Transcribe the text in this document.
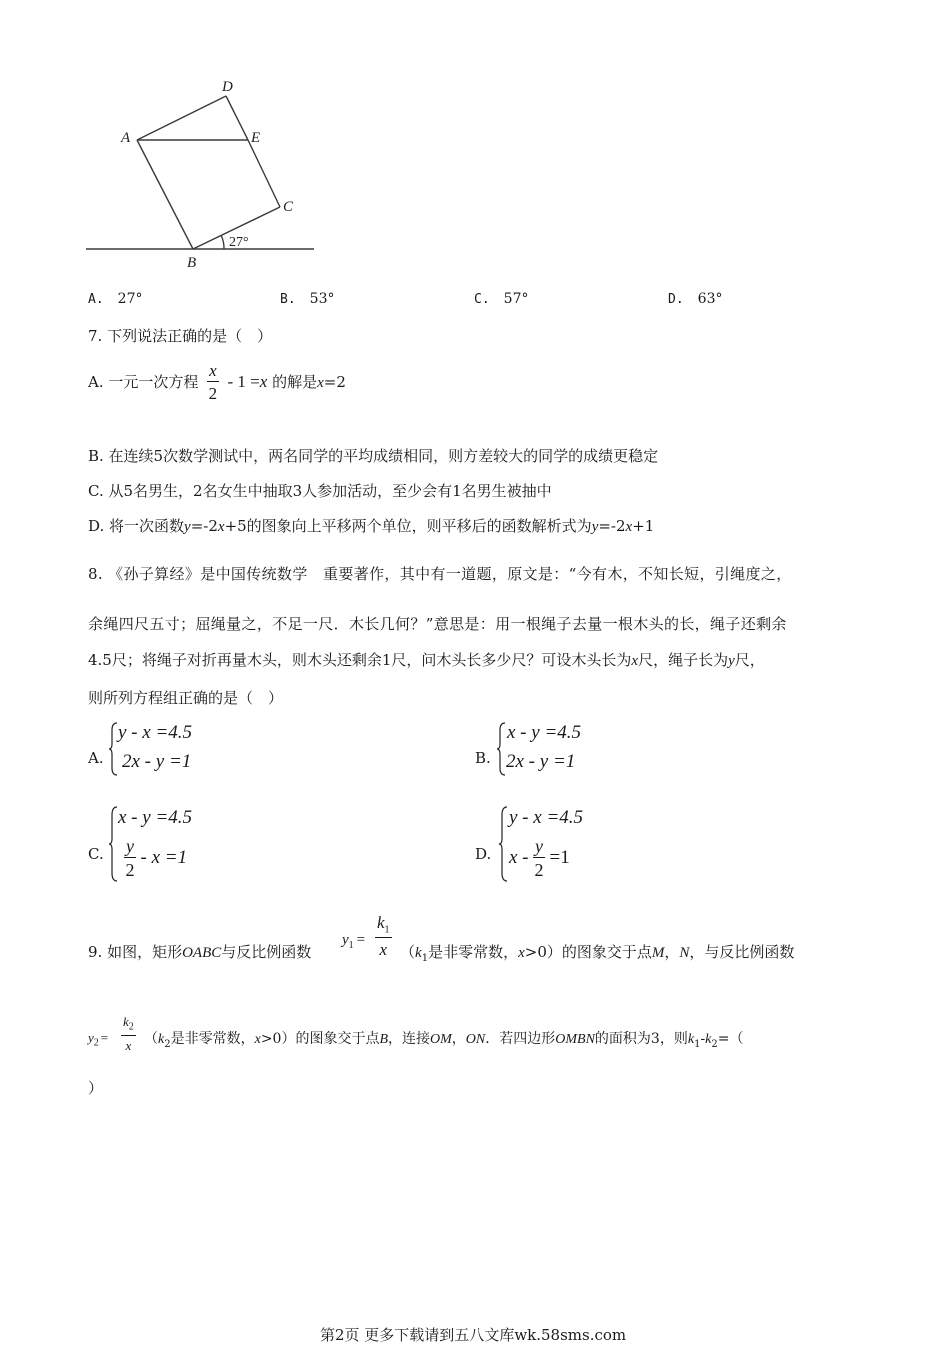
D
A	E
C
B
27°
A. 27°	B. 53°	C. 57°	D. 63°
7. 下列说法正确的是（　）
A. 一元一次方程 $\frac{x}{2} - 1 =x$ 的解是x=2
B. 在连续5次数学测试中，两名同学的平均成绩相同，则方差较大的同学的成绩更稳定
C. 从5名男生，2名女生中抽取3人参加活动，至少会有1名男生被抽中
D. 将一次函数y=-2x+5的图象向上平移两个单位，则平移后的函数解析式为y=-2x+1
8. 《孙子算经》是中国传统数学　重要著作，其中有一道题，原文是：“今有木，不知长短，引绳度之，
余绳四尺五寸；屈绳量之，不足一尺．木长几何？”意思是：用一根绳子去量一根木头的长，绳子还剩余
4.5尺；将绳子对折再量木头，则木头还剩余1尺，问木头长多少尺？可设木头长为x尺，绳子长为y尺，
则所列方程组正确的是（　）
A.
y - x =4.5
2x - y =1	B.
x - y =4.5
2x - y =1
C.
x - y =4.5
$\frac{y}{2} - x =1$	D.
y - x =4.5
$x - \frac{y}{2} =1$
9. 如图，矩形OABC与反比例函数
$y_1 = \frac{k_1}{x} (k_1$是非零常数，x>0）的图象交于点M，N，与反比例函数
$y_2 = \frac{k_2}{x} (k_2$是非零常数，x>0）的图象交于点B，连接OM，ON．若四边形OMBN的面积为3，则$k_1-k_2=$（
）
第2页 更多下载请到五八文库wk.58sms.com
